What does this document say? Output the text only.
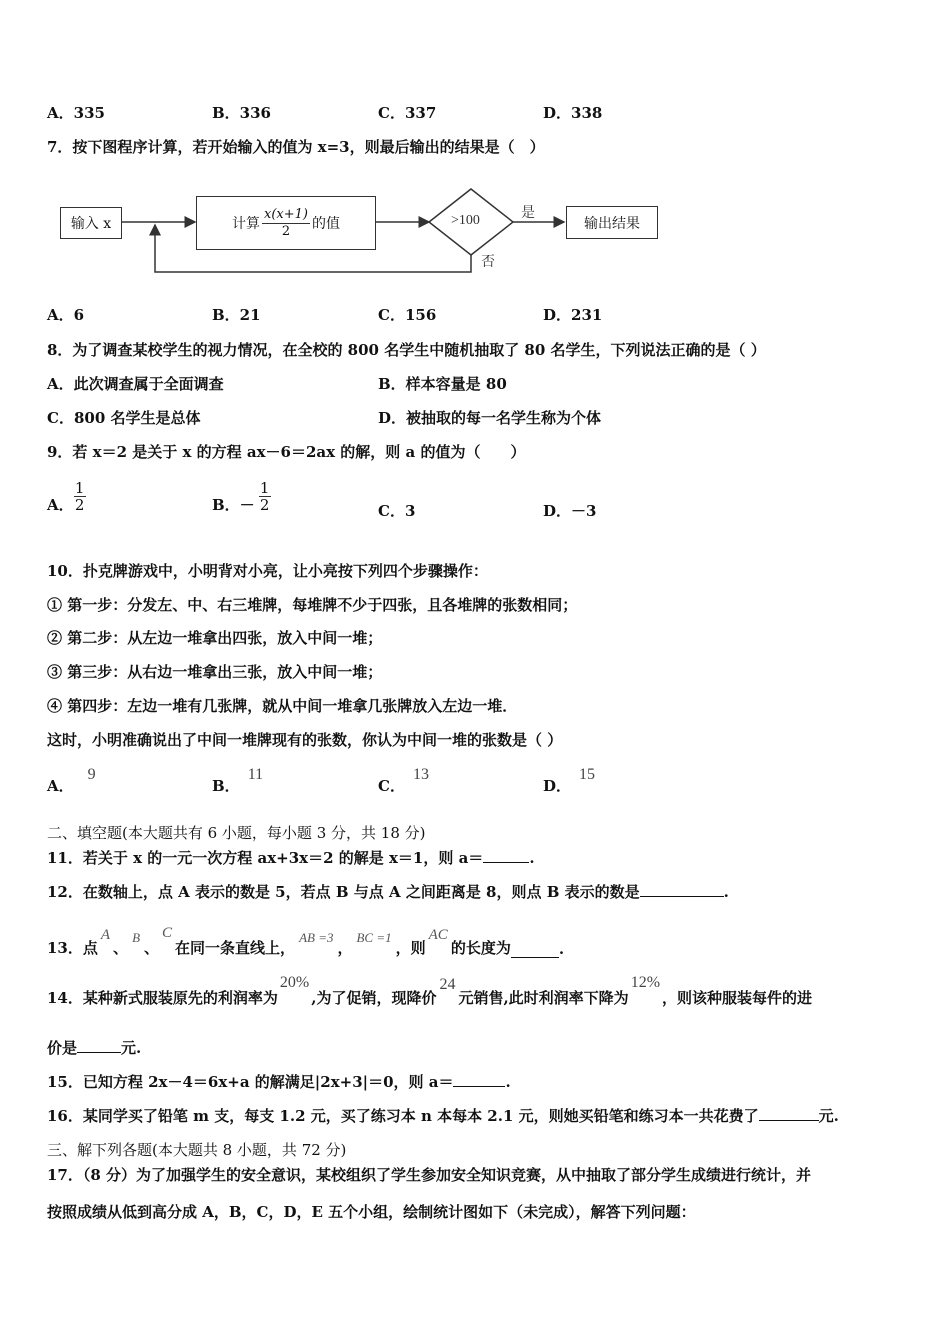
A．335	B．336	C．337	D．338
7．按下图程序计算，若开始输入的值为 x=3，则最后输出的结果是（　）
输入 x	计算 $\frac{x(x+1)}{2}$ 的值	>100	是
否
输出结果
A．6	B．21	C．156	D．231
8．为了调查某校学生的视力情况，在全校的 800 名学生中随机抽取了 80 名学生，下列说法正确的是（ ）
A．此次调查属于全面调查	B．样本容量是 80
C．800 名学生是总体	D．被抽取的每一名学生称为个体
9．若 x＝2 是关于 x 的方程 ax－6＝2ax 的解，则 a 的值为（　　）
A． $\frac{1}{2}$	B．－ $\frac{1}{2}$	C．3	D．－3
10．扑克牌游戏中，小明背对小亮，让小亮按下列四个步骤操作：
① 第一步：分发左、中、右三堆牌，每堆牌不少于四张，且各堆牌的张数相同；
② 第二步：从左边一堆拿出四张，放入中间一堆；
③ 第三步：从右边一堆拿出三张，放入中间一堆；
④ 第四步：左边一堆有几张牌，就从中间一堆拿几张牌放入左边一堆．
这时，小明准确说出了中间一堆牌现有的张数，你认为中间一堆的张数是（ ）
A．9
B．11
C．13
D．15
二、填空题(本大题共有 6 小题，每小题 3 分，共 18 分)
11．若关于 x 的一元一次方程 ax+3x＝2 的解是 x＝1，则 a＝	.
12．在数轴上，点 A 表示的数是 5，若点 B 与点 A 之间距离是 8，则点 B 表示的数是	.
13．点
A
、
B
、
C
在同一条直线上，
AB =3
，
BC =1
，则
AC
的长度为	.
14．某种新式服装原先的利润率为
20%
,为了促销，现降价
24
元销售,此时利润率下降为
12%
，则该种服装每件的进
价是	元.
15．已知方程 2x－4＝6x+a 的解满足|2x+3|＝0，则 a＝	.
16．某同学买了铅笔 m 支，每支 1.2 元，买了练习本 n 本每本 2.1 元，则她买铅笔和练习本一共花费了	元.
三、解下列各题(本大题共 8 小题，共 72 分)
17．（8 分）为了加强学生的安全意识，某校组织了学生参加安全知识竞赛，从中抽取了部分学生成绩进行统计，并
按照成绩从低到高分成 A，B，C，D，E 五个小组，绘制统计图如下（未完成），解答下列问题：
